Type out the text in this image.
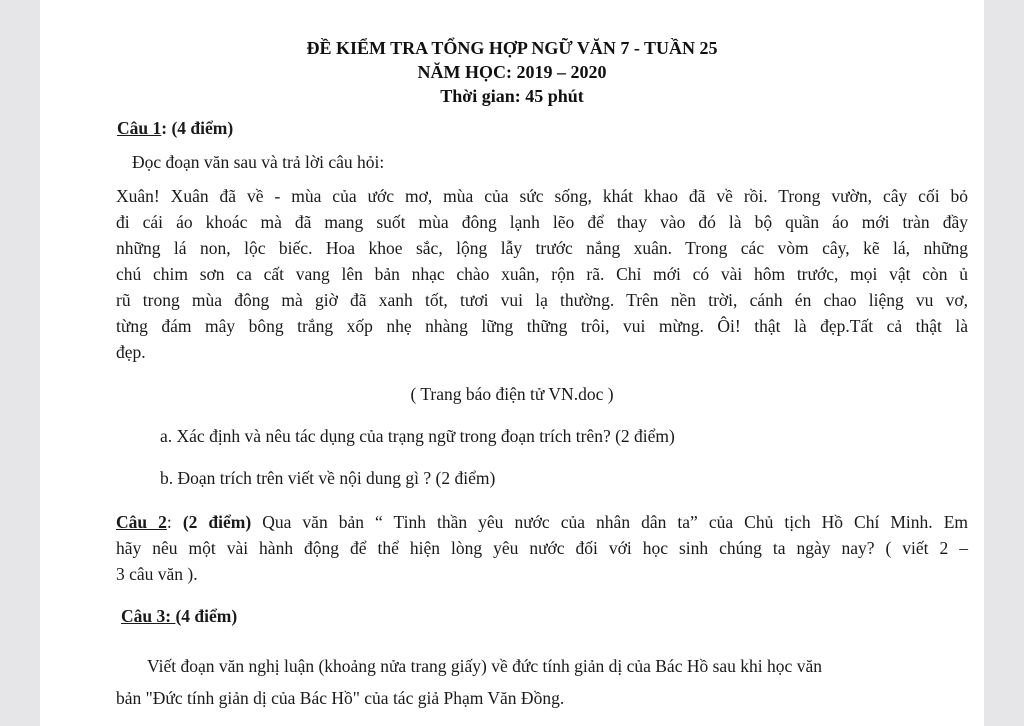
ĐỀ KIỂM TRA TỔNG HỢP NGỮ VĂN 7 - TUẦN 25
NĂM HỌC: 2019 – 2020
Thời gian: 45 phút
Câu 1: (4 điểm)
Đọc đoạn văn sau và trả lời câu hỏi:
Xuân! Xuân đã về - mùa của ước mơ, mùa của sức sống, khát khao đã về rồi. Trong vườn, cây cối bỏ
đi cái áo khoác mà đã mang suốt mùa đông lạnh lẽo để thay vào đó là bộ quần áo mới tràn đầy
những lá non, lộc biếc. Hoa khoe sắc, lộng lẫy trước nắng xuân. Trong các vòm cây, kẽ lá, những
chú chim sơn ca cất vang lên bản nhạc chào xuân, rộn rã. Chỉ mới có vài hôm trước, mọi vật còn ủ
rũ trong mùa đông mà giờ đã xanh tốt, tươi vui lạ thường. Trên nền trời, cánh én chao liệng vu vơ,
từng đám mây bông trắng xốp nhẹ nhàng lững thững trôi, vui mừng. Ôi! thật là đẹp.Tất cả thật là
đẹp.
( Trang báo điện tử VN.doc )
a. Xác định và nêu tác dụng của trạng ngữ trong đoạn trích trên? (2 điểm)
b. Đoạn trích trên viết về nội dung gì ? (2 điểm)
Câu 2: (2 điểm) Qua văn bản “ Tinh thần yêu nước của nhân dân ta” của Chủ tịch Hồ Chí Minh. Em
hãy nêu một vài hành động để thể hiện lòng yêu nước đối với học sinh chúng ta ngày nay? ( viết 2 –
3 câu văn ).
Câu 3: (4 điểm)
Viết đoạn văn nghị luận (khoảng nửa trang giấy) về đức tính giản dị của Bác Hồ sau khi học văn
bản "Đức tính giản dị của Bác Hồ" của tác giả Phạm Văn Đồng.
